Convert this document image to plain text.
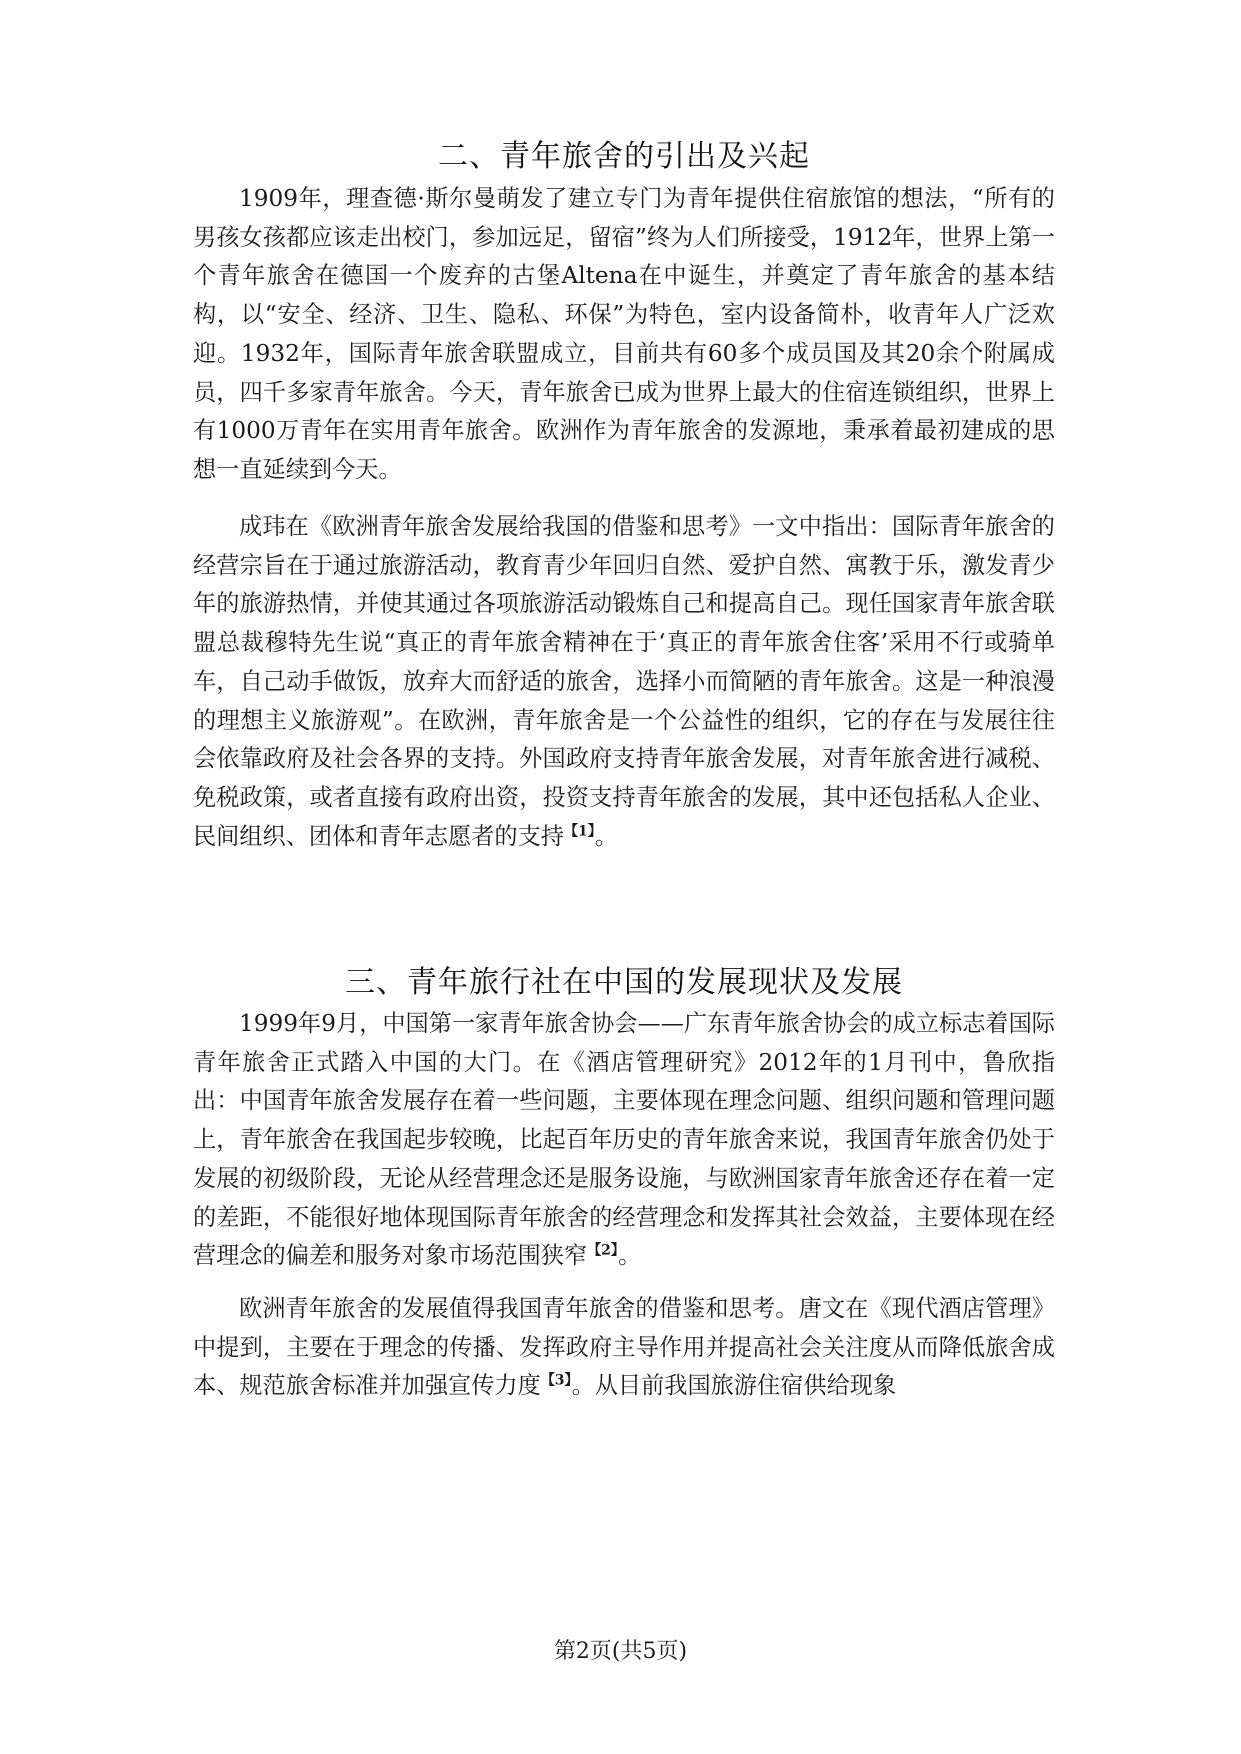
二、青年旅舍的引出及兴起

1909年，理查德·斯尔曼萌发了建立专门为青年提供住宿旅馆的想法，“所有的男孩女孩都应该走出校门，参加远足，留宿”终为人们所接受，1912年，世界上第一个青年旅舍在德国一个废弃的古堡Altena在中诞生，并奠定了青年旅舍的基本结构，以“安全、经济、卫生、隐私、环保”为特色，室内设备简朴，收青年人广泛欢迎。1932年，国际青年旅舍联盟成立，目前共有60多个成员国及其20余个附属成员，四千多家青年旅舍。今天，青年旅舍已成为世界上最大的住宿连锁组织，世界上有1000万青年在实用青年旅舍。欧洲作为青年旅舍的发源地，秉承着最初建成的思想一直延续到今天。

成玮在《欧洲青年旅舍发展给我国的借鉴和思考》一文中指出：国际青年旅舍的经营宗旨在于通过旅游活动，教育青少年回归自然、爱护自然、寓教于乐，激发青少年的旅游热情，并使其通过各项旅游活动锻炼自己和提高自己。现任国家青年旅舍联盟总裁穆特先生说“真正的青年旅舍精神在于‘真正的青年旅舍住客’采用不行或骑单车，自己动手做饭，放弃大而舒适的旅舍，选择小而简陋的青年旅舍。这是一种浪漫的理想主义旅游观”。在欧洲，青年旅舍是一个公益性的组织，它的存在与发展往往会依靠政府及社会各界的支持。外国政府支持青年旅舍发展，对青年旅舍进行减税、免税政策，或者直接有政府出资，投资支持青年旅舍的发展，其中还包括私人企业、民间组织、团体和青年志愿者的支持$^{【1】}$。

三、青年旅行社在中国的发展现状及发展

1999年9月，中国第一家青年旅舍协会——广东青年旅舍协会的成立标志着国际青年旅舍正式踏入中国的大门。在《酒店管理研究》2012年的1月刊中，鲁欣指出：中国青年旅舍发展存在着一些问题，主要体现在理念问题、组织问题和管理问题上，青年旅舍在我国起步较晚，比起百年历史的青年旅舍来说，我国青年旅舍仍处于发展的初级阶段，无论从经营理念还是服务设施，与欧洲国家青年旅舍还存在着一定的差距，不能很好地体现国际青年旅舍的经营理念和发挥其社会效益，主要体现在经营理念的偏差和服务对象市场范围狭窄$^{【2】}$。

欧洲青年旅舍的发展值得我国青年旅舍的借鉴和思考。唐文在《现代酒店管理》中提到，主要在于理念的传播、发挥政府主导作用并提高社会关注度从而降低旅舍成本、规范旅舍标准并加强宣传力度$^{【3】}$。从目前我国旅游住宿供给现象

第2页(共5页)
